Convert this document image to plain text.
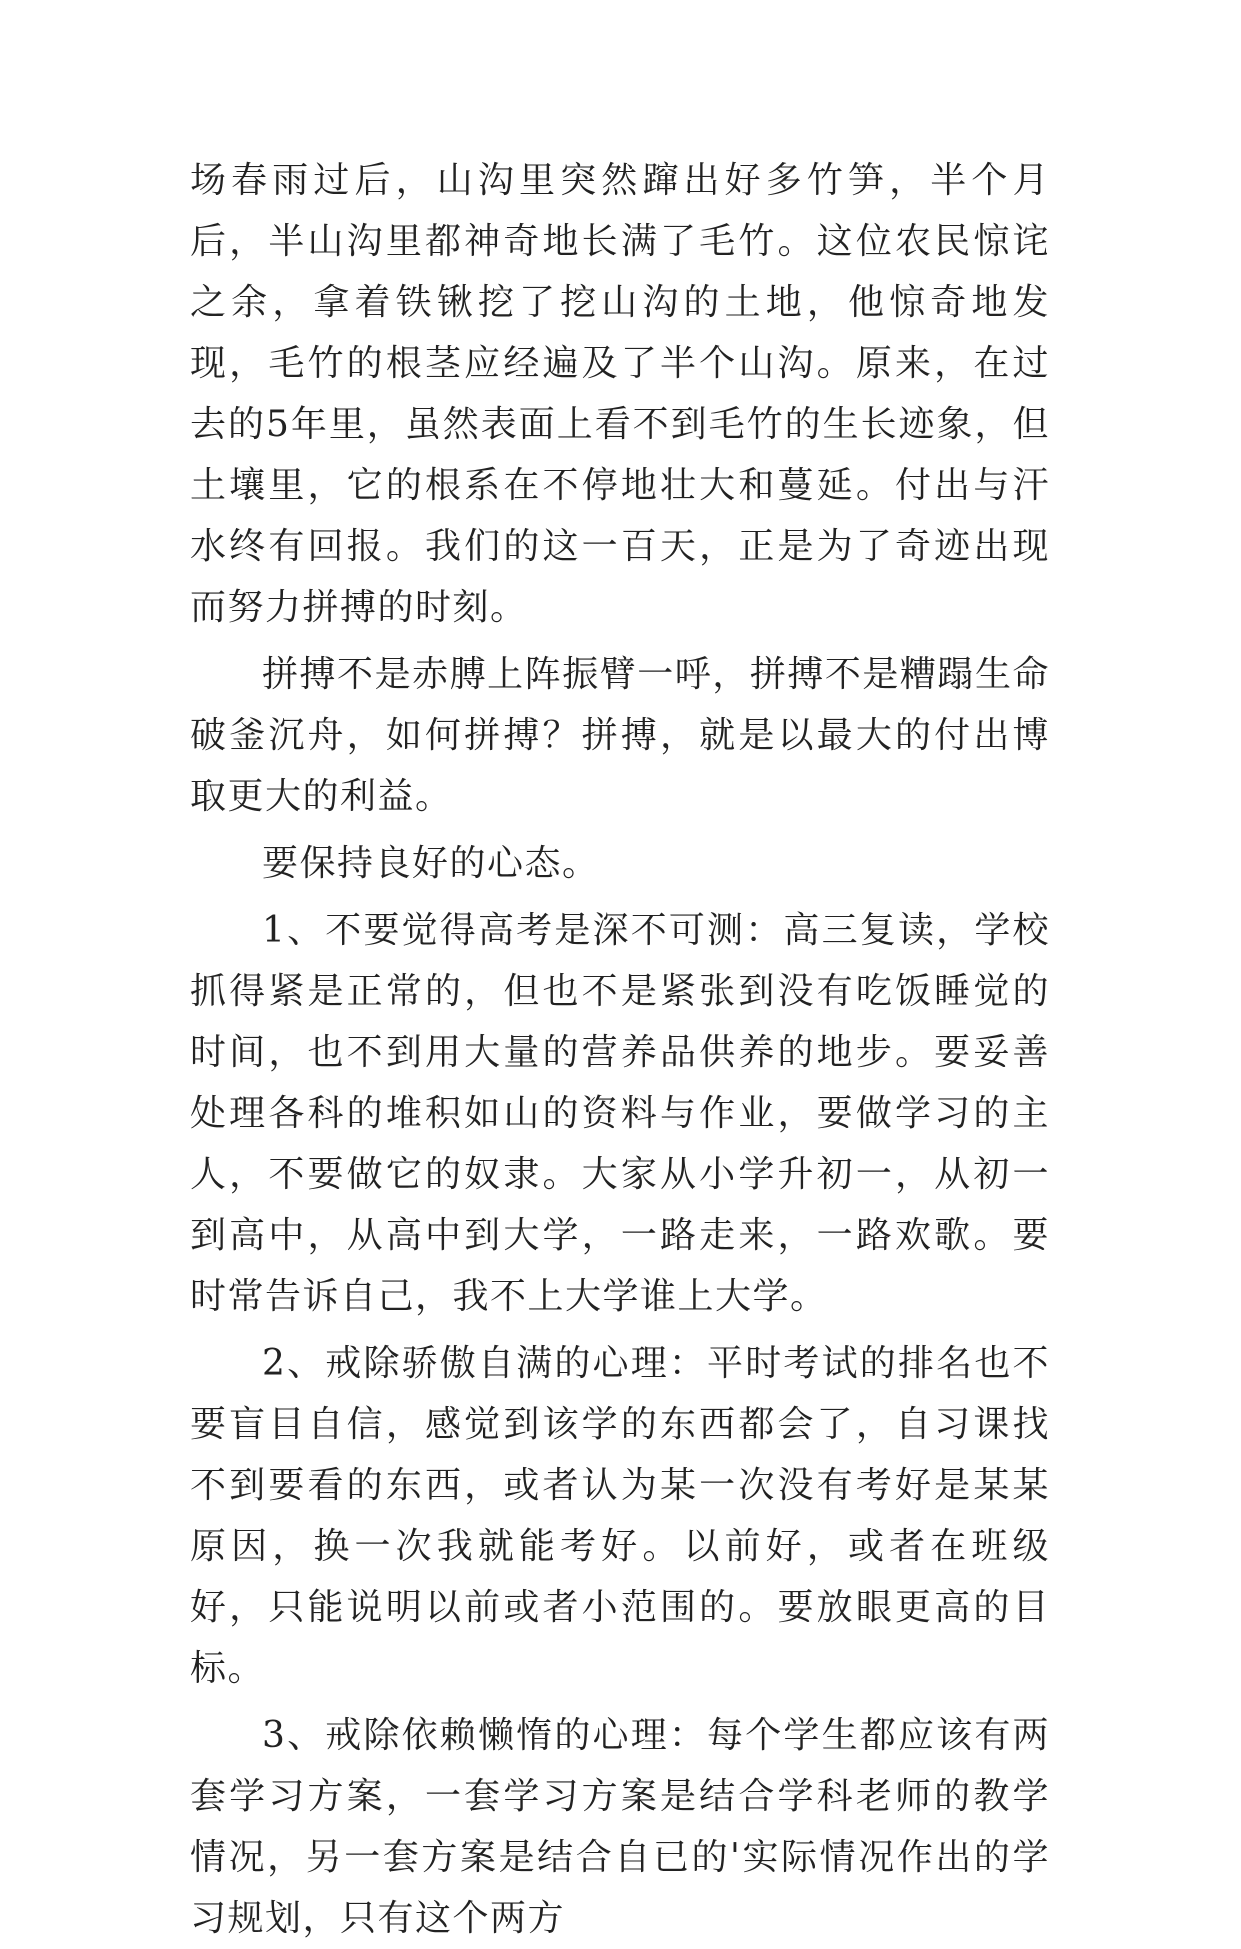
场春雨过后，山沟里突然蹿出好多竹笋，半个月后，半山沟里都神奇地长满了毛竹。这位农民惊诧之余，拿着铁锹挖了挖山沟的土地，他惊奇地发现，毛竹的根茎应经遍及了半个山沟。原来，在过去的5年里，虽然表面上看不到毛竹的生长迹象，但土壤里，它的根系在不停地壮大和蔓延。付出与汗水终有回报。我们的这一百天，正是为了奇迹出现而努力拼搏的时刻。

拼搏不是赤膊上阵振臂一呼，拼搏不是糟蹋生命破釜沉舟，如何拼搏？拼搏，就是以最大的付出博取更大的利益。

要保持良好的心态。

1、不要觉得高考是深不可测：高三复读，学校抓得紧是正常的，但也不是紧张到没有吃饭睡觉的时间，也不到用大量的营养品供养的地步。要妥善处理各科的堆积如山的资料与作业，要做学习的主人，不要做它的奴隶。大家从小学升初一，从初一到高中，从高中到大学，一路走来，一路欢歌。要时常告诉自己，我不上大学谁上大学。

2、戒除骄傲自满的心理：平时考试的排名也不要盲目自信，感觉到该学的东西都会了，自习课找不到要看的东西，或者认为某一次没有考好是某某原因，换一次我就能考好。以前好，或者在班级好，只能说明以前或者小范围的。要放眼更高的目标。

3、戒除依赖懒惰的心理：每个学生都应该有两套学习方案，一套学习方案是结合学科老师的教学情况，另一套方案是结合自已的'实际情况作出的学习规划，只有这个两方
